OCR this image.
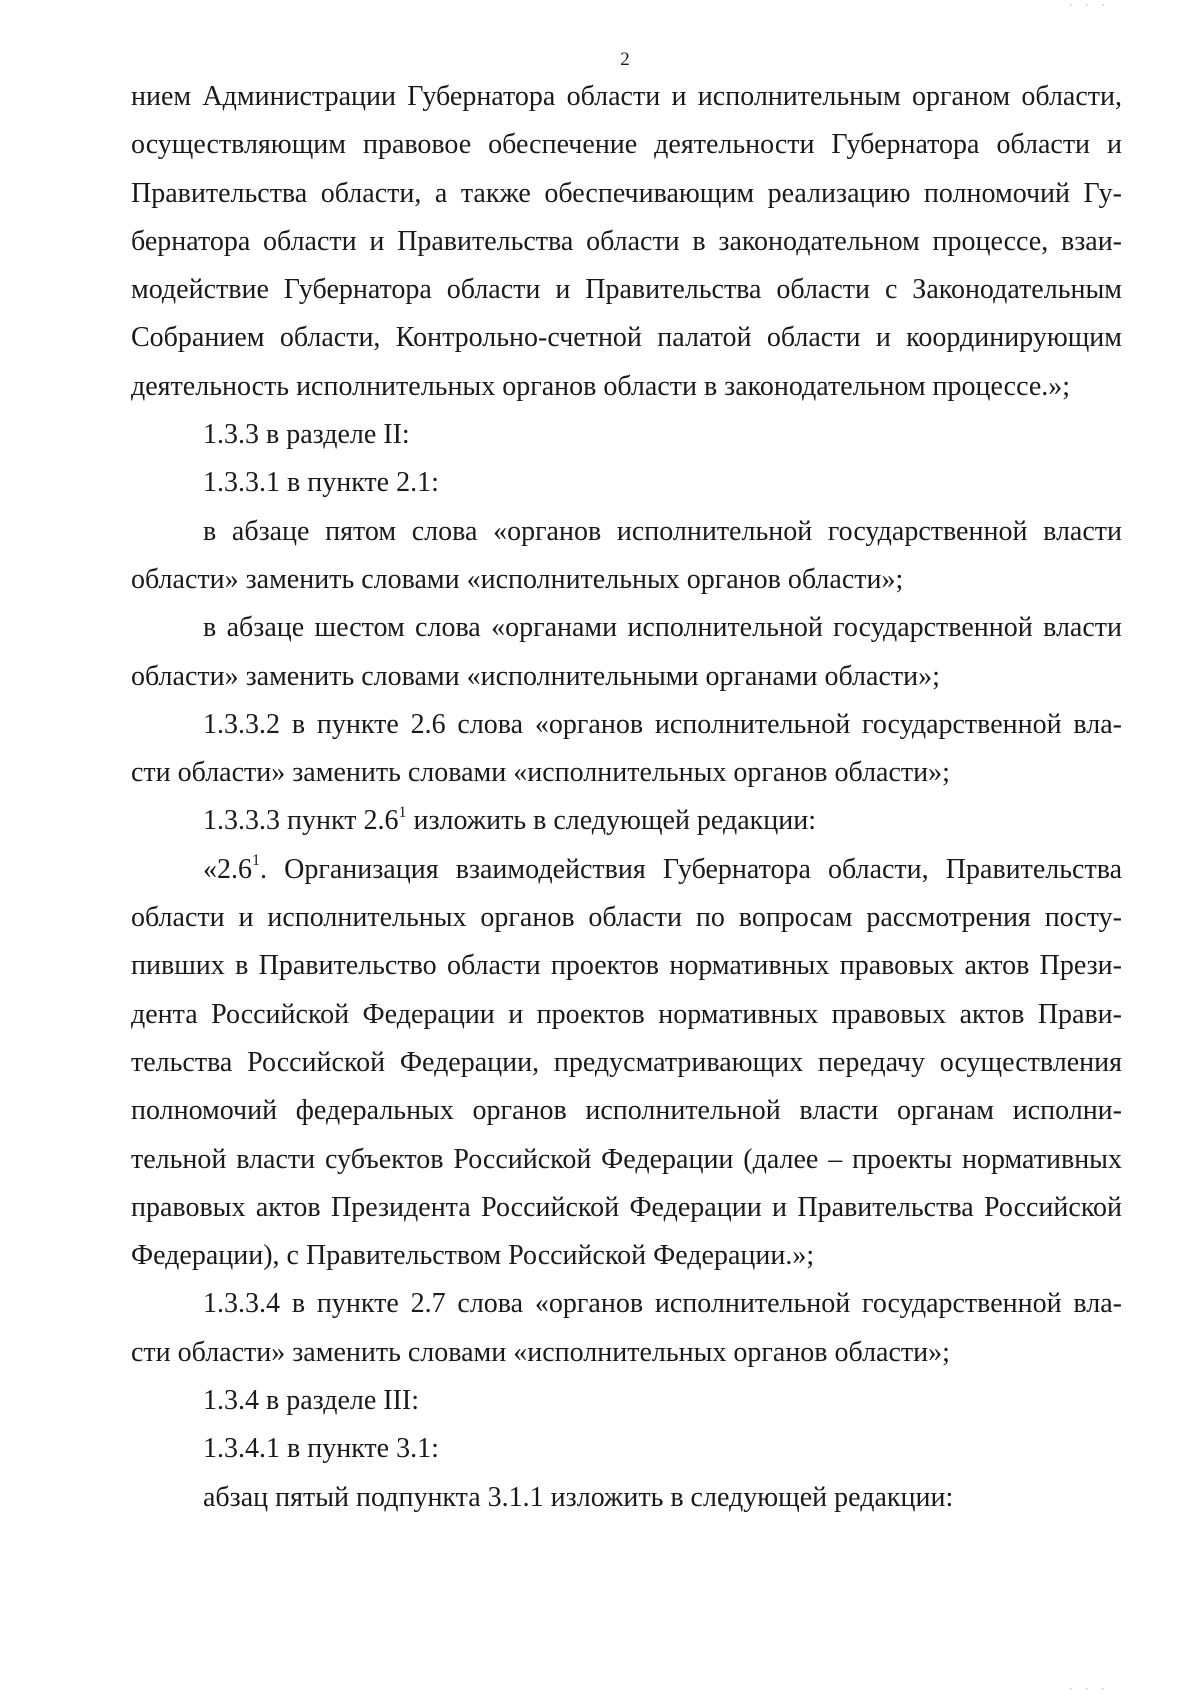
· · ·
2
нием Администрации Губернатора области и исполнительным органом области,
осуществляющим правовое обеспечение деятельности Губернатора области и
Правительства области, а также обеспечивающим реализацию полномочий Гу-
бернатора области и Правительства области в законодательном процессе, взаи-
модействие Губернатора области и Правительства области с Законодательным
Собранием области, Контрольно-счетной палатой области и координирующим
деятельность исполнительных органов области в законодательном процессе.»;
1.3.3 в разделе II:
1.3.3.1 в пункте 2.1:
в абзаце пятом слова «органов исполнительной государственной власти
области» заменить словами «исполнительных органов области»;
в абзаце шестом слова «органами исполнительной государственной власти
области» заменить словами «исполнительными органами области»;
1.3.3.2 в пункте 2.6 слова «органов исполнительной государственной вла-
сти области» заменить словами «исполнительных органов области»;
1.3.3.3 пункт $2.6^1$ изложить в следующей редакции:
«$2.6^1$. Организация взаимодействия Губернатора области, Правительства
области и исполнительных органов области по вопросам рассмотрения посту-
пивших в Правительство области проектов нормативных правовых актов Прези-
дента Российской Федерации и проектов нормативных правовых актов Прави-
тельства Российской Федерации, предусматривающих передачу осуществления
полномочий федеральных органов исполнительной власти органам исполни-
тельной власти субъектов Российской Федерации (далее – проекты нормативных
правовых актов Президента Российской Федерации и Правительства Российской
Федерации), с Правительством Российской Федерации.»;
1.3.3.4 в пункте 2.7 слова «органов исполнительной государственной вла-
сти области» заменить словами «исполнительных органов области»;
1.3.4 в разделе III:
1.3.4.1 в пункте 3.1:
абзац пятый подпункта 3.1.1 изложить в следующей редакции:
· · ·
